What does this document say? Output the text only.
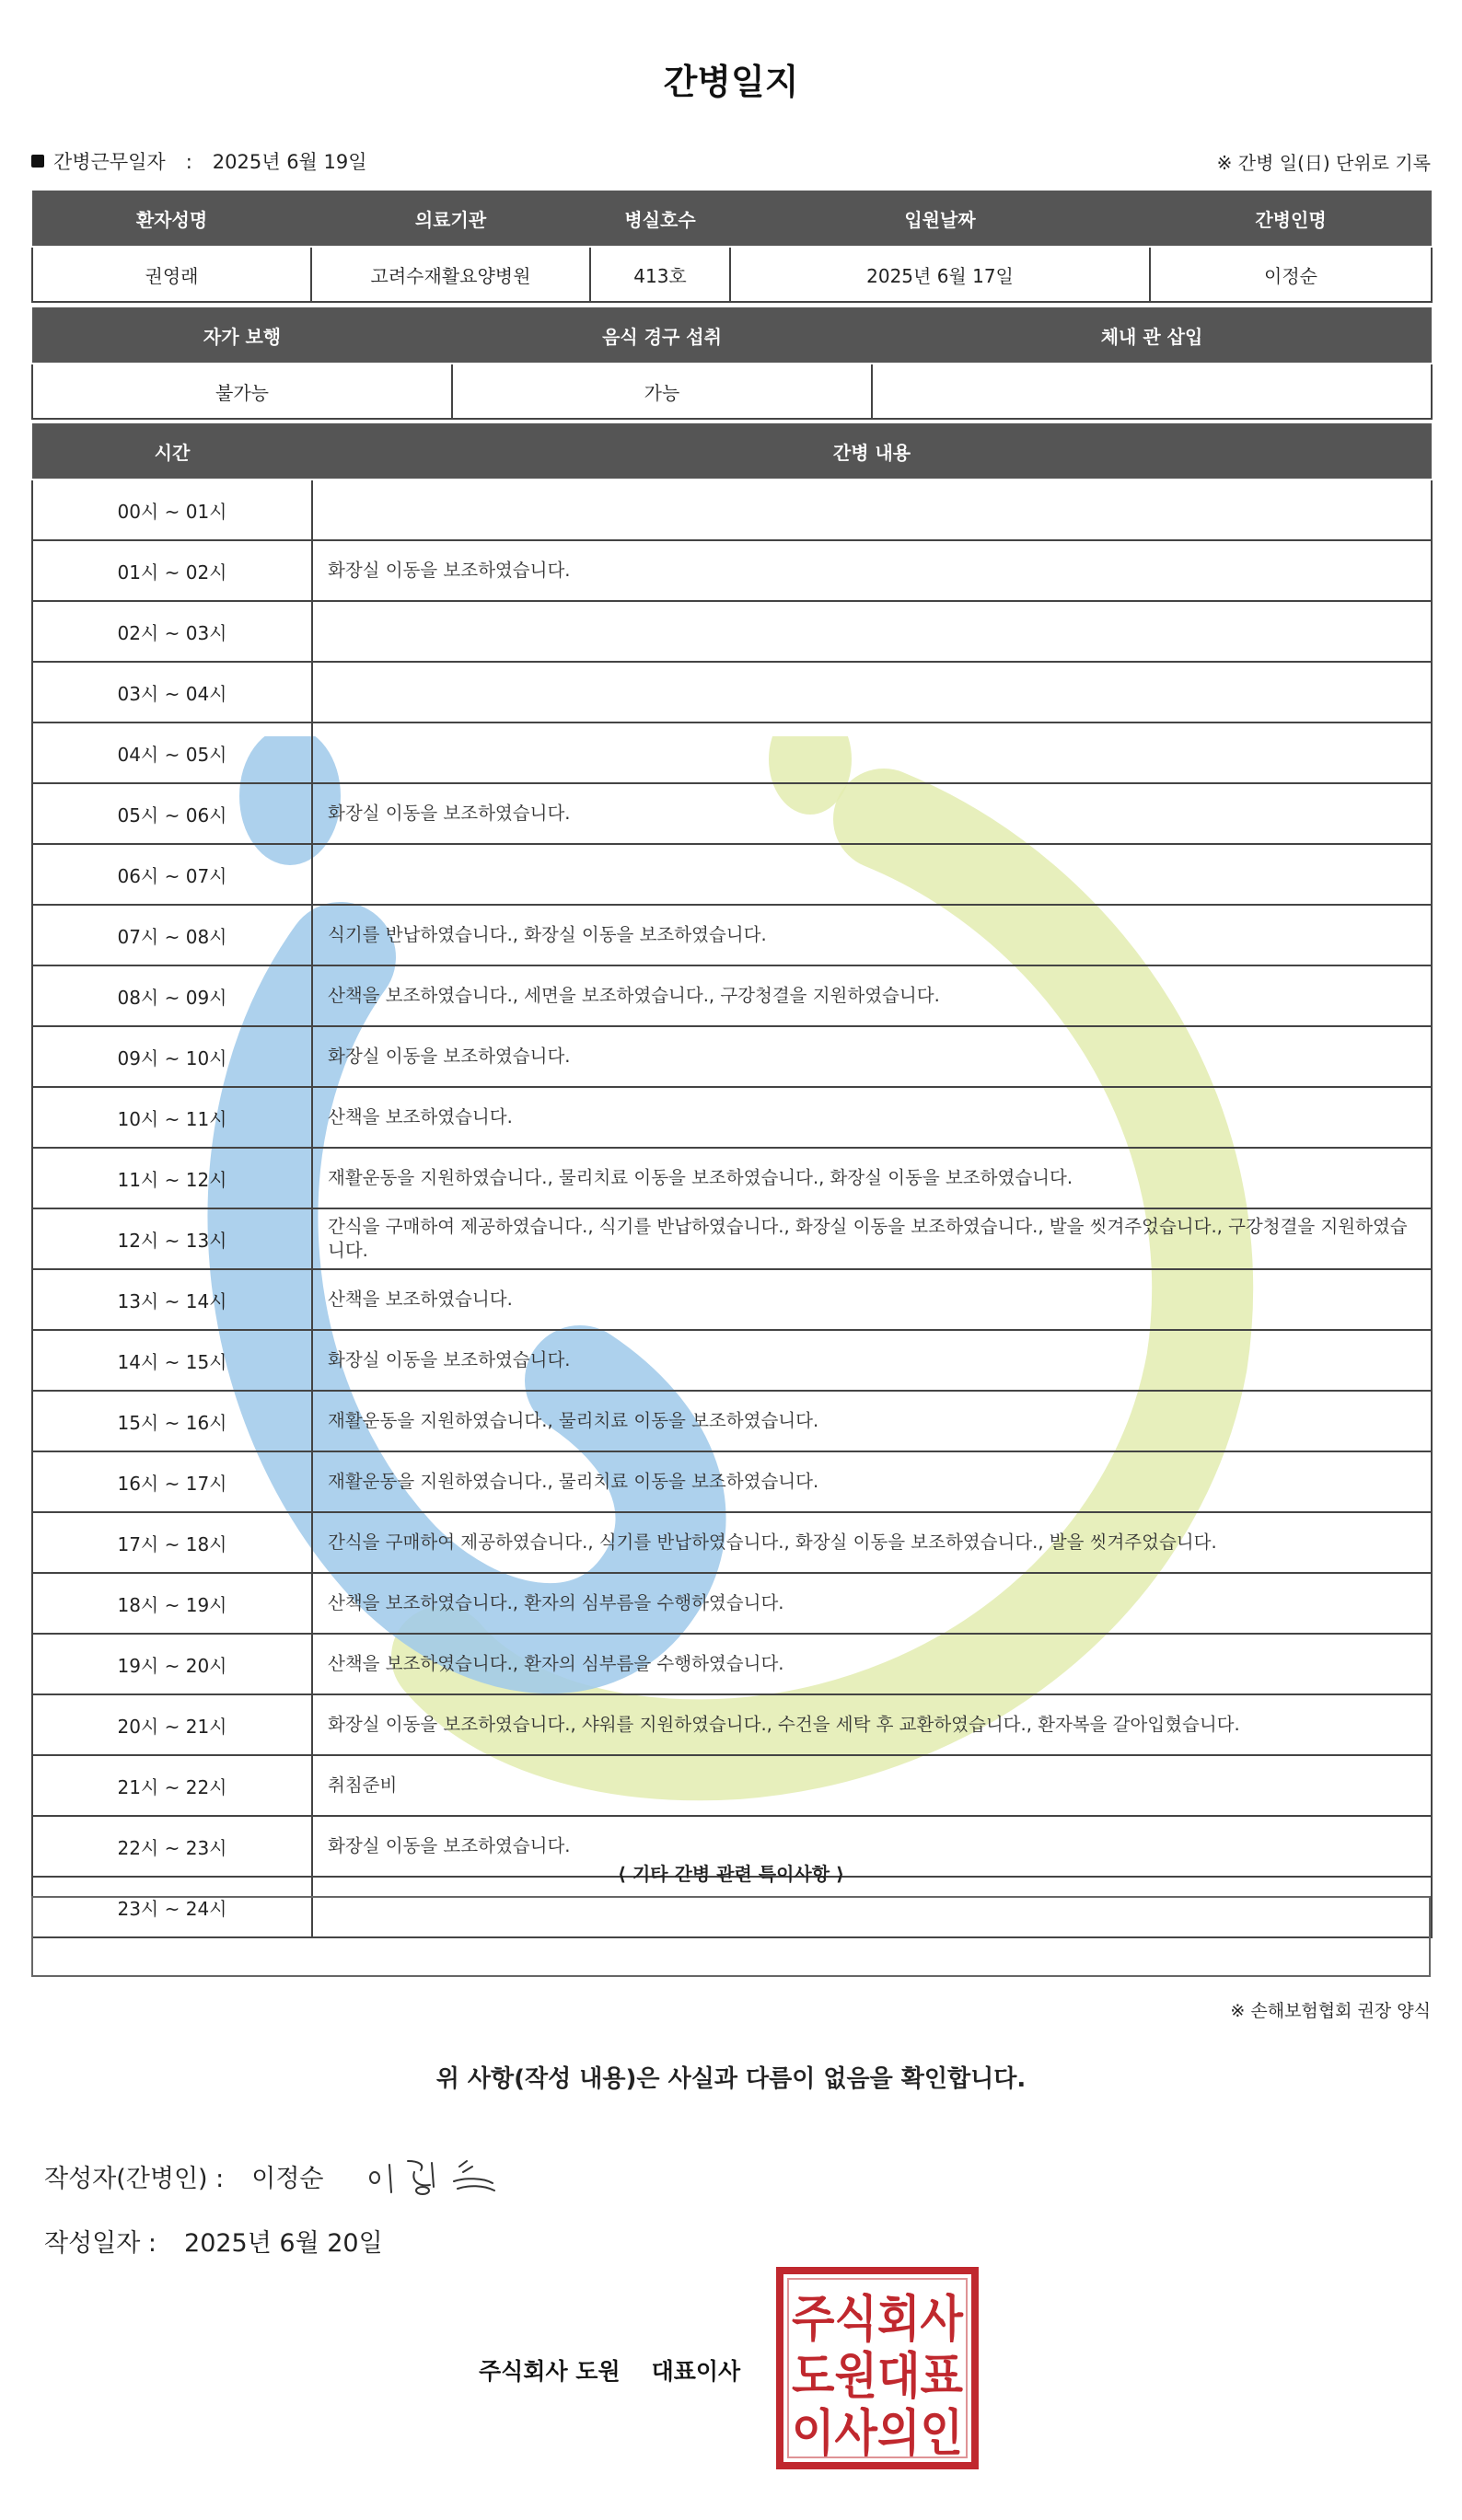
간병일지
간병근무일자 : 2025년 6월 19일	※ 간병 일(日) 단위로 기록
환자성명	의료기관	병실호수	입원날짜	간병인명
권영래	고려수재활요양병원	413호	2025년 6월 17일	이정순
자가 보행	음식 경구 섭취	체내 관 삽입
불가능	가능	
시간	간병 내용
00시 ~ 01시	
01시 ~ 02시	화장실 이동을 보조하였습니다.
02시 ~ 03시	
03시 ~ 04시	
04시 ~ 05시	
05시 ~ 06시	화장실 이동을 보조하였습니다.
06시 ~ 07시	
07시 ~ 08시	식기를 반납하였습니다., 화장실 이동을 보조하였습니다.
08시 ~ 09시	산책을 보조하였습니다., 세면을 보조하였습니다., 구강청결을 지원하였습니다.
09시 ~ 10시	화장실 이동을 보조하였습니다.
10시 ~ 11시	산책을 보조하였습니다.
11시 ~ 12시	재활운동을 지원하였습니다., 물리치료 이동을 보조하였습니다., 화장실 이동을 보조하였습니다.
12시 ~ 13시	간식을 구매하여 제공하였습니다., 식기를 반납하였습니다., 화장실 이동을 보조하였습니다., 발을 씻겨주었습니다., 구강청결을 지원하였습니다.
13시 ~ 14시	산책을 보조하였습니다.
14시 ~ 15시	화장실 이동을 보조하였습니다.
15시 ~ 16시	재활운동을 지원하였습니다., 물리치료 이동을 보조하였습니다.
16시 ~ 17시	재활운동을 지원하였습니다., 물리치료 이동을 보조하였습니다.
17시 ~ 18시	간식을 구매하여 제공하였습니다., 식기를 반납하였습니다., 화장실 이동을 보조하였습니다., 발을 씻겨주었습니다.
18시 ~ 19시	산책을 보조하였습니다., 환자의 심부름을 수행하였습니다.
19시 ~ 20시	산책을 보조하였습니다., 환자의 심부름을 수행하였습니다.
20시 ~ 21시	화장실 이동을 보조하였습니다., 샤워를 지원하였습니다., 수건을 세탁 후 교환하였습니다., 환자복을 갈아입혔습니다.
21시 ~ 22시	취침준비
22시 ~ 23시	화장실 이동을 보조하였습니다.
23시 ~ 24시	
⟨ 기타 간병 관련 특이사항 ⟩
※ 손해보험협회 권장 양식
위 사항(작성 내용)은 사실과 다름이 없음을 확인합니다.
작성자(간병인) : 이정순
작성일자 : 2025년 6월 20일
주식회사 도원 대표이사
주식회사
도원대표
이사의인
